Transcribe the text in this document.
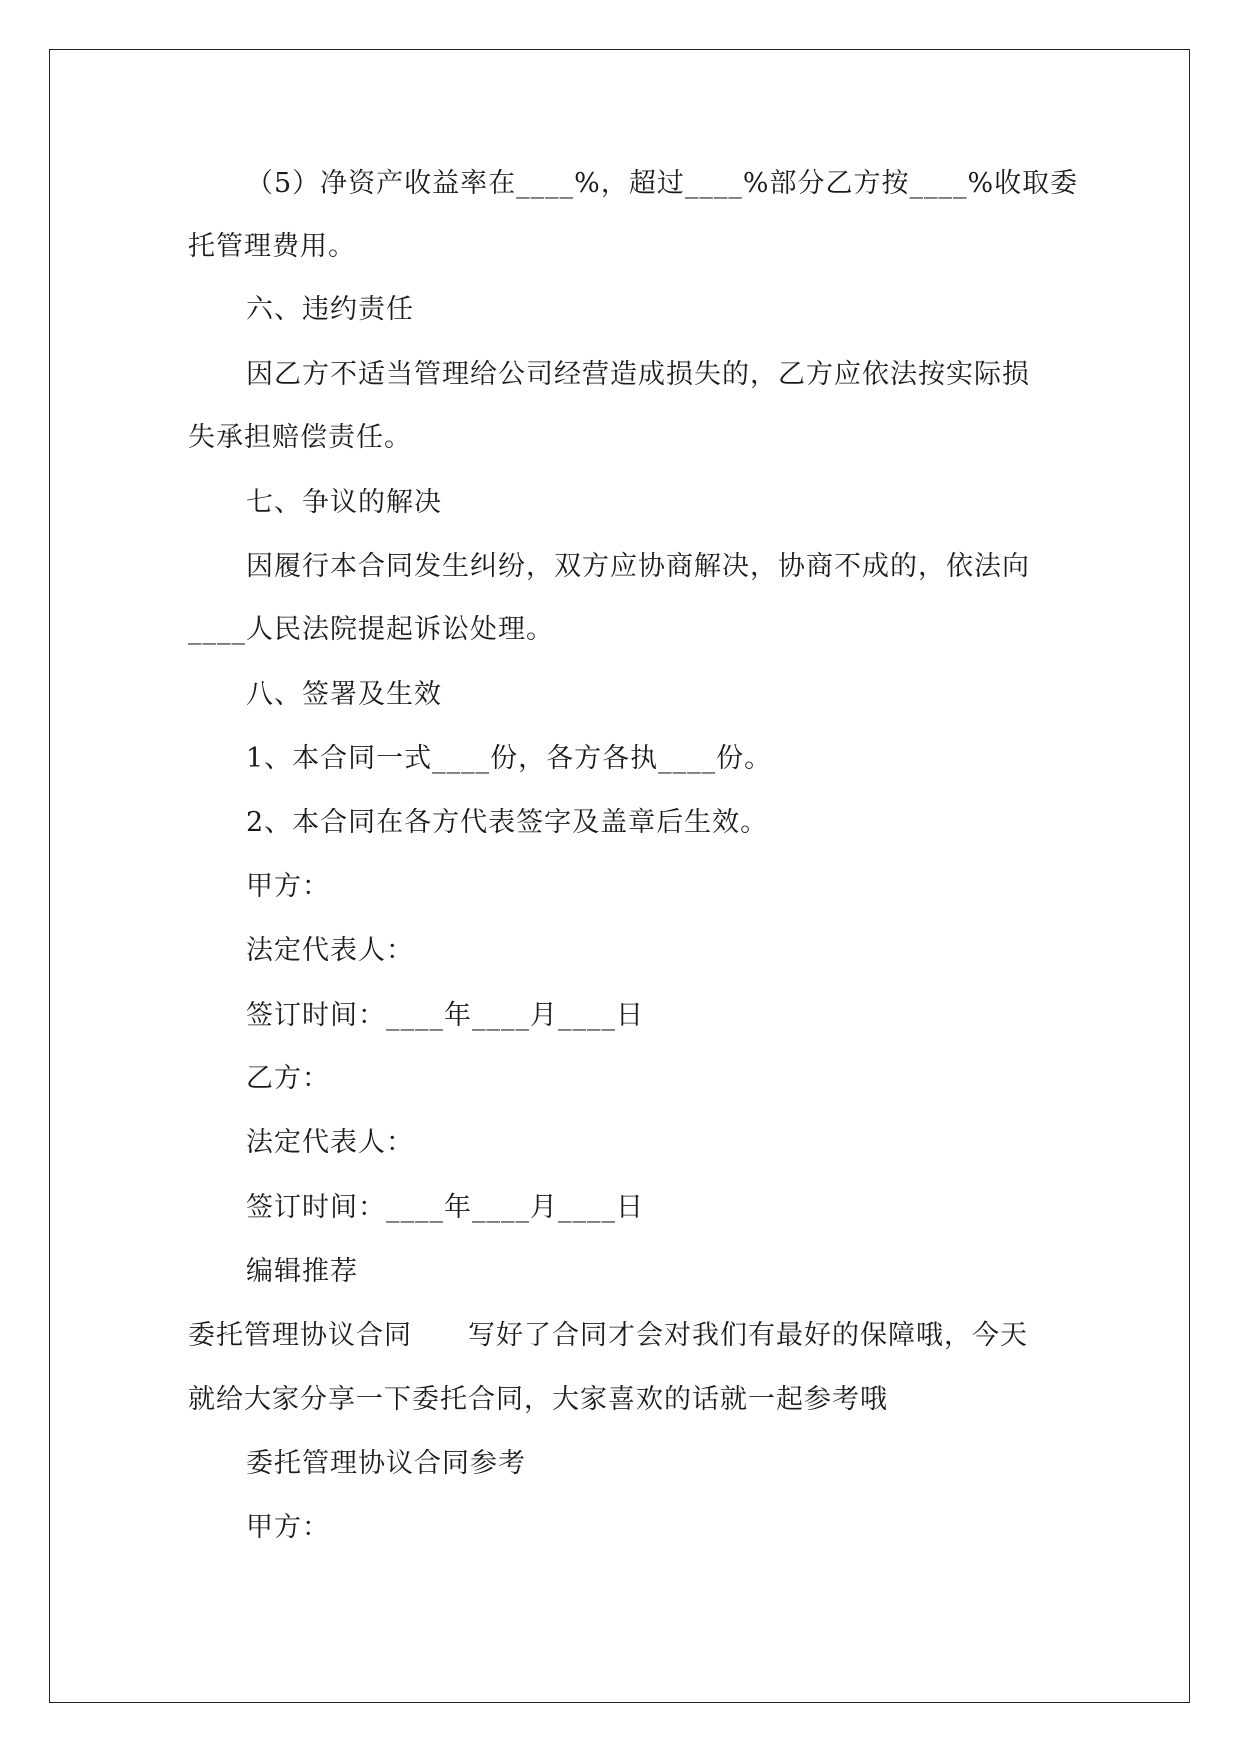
（5）净资产收益率在____%，超过____%部分乙方按____%收取委
托管理费用。
六、违约责任
因乙方不适当管理给公司经营造成损失的，乙方应依法按实际损
失承担赔偿责任。
七、争议的解决
因履行本合同发生纠纷，双方应协商解决，协商不成的，依法向
____人民法院提起诉讼处理。
八、签署及生效
1、本合同一式____份，各方各执____份。
2、本合同在各方代表签字及盖章后生效。
甲方：
法定代表人：
签订时间：____年____月____日
乙方：
法定代表人：
签订时间：____年____月____日
编辑推荐
委托管理协议合同　　写好了合同才会对我们有最好的保障哦，今天
就给大家分享一下委托合同，大家喜欢的话就一起参考哦
委托管理协议合同参考
甲方：
